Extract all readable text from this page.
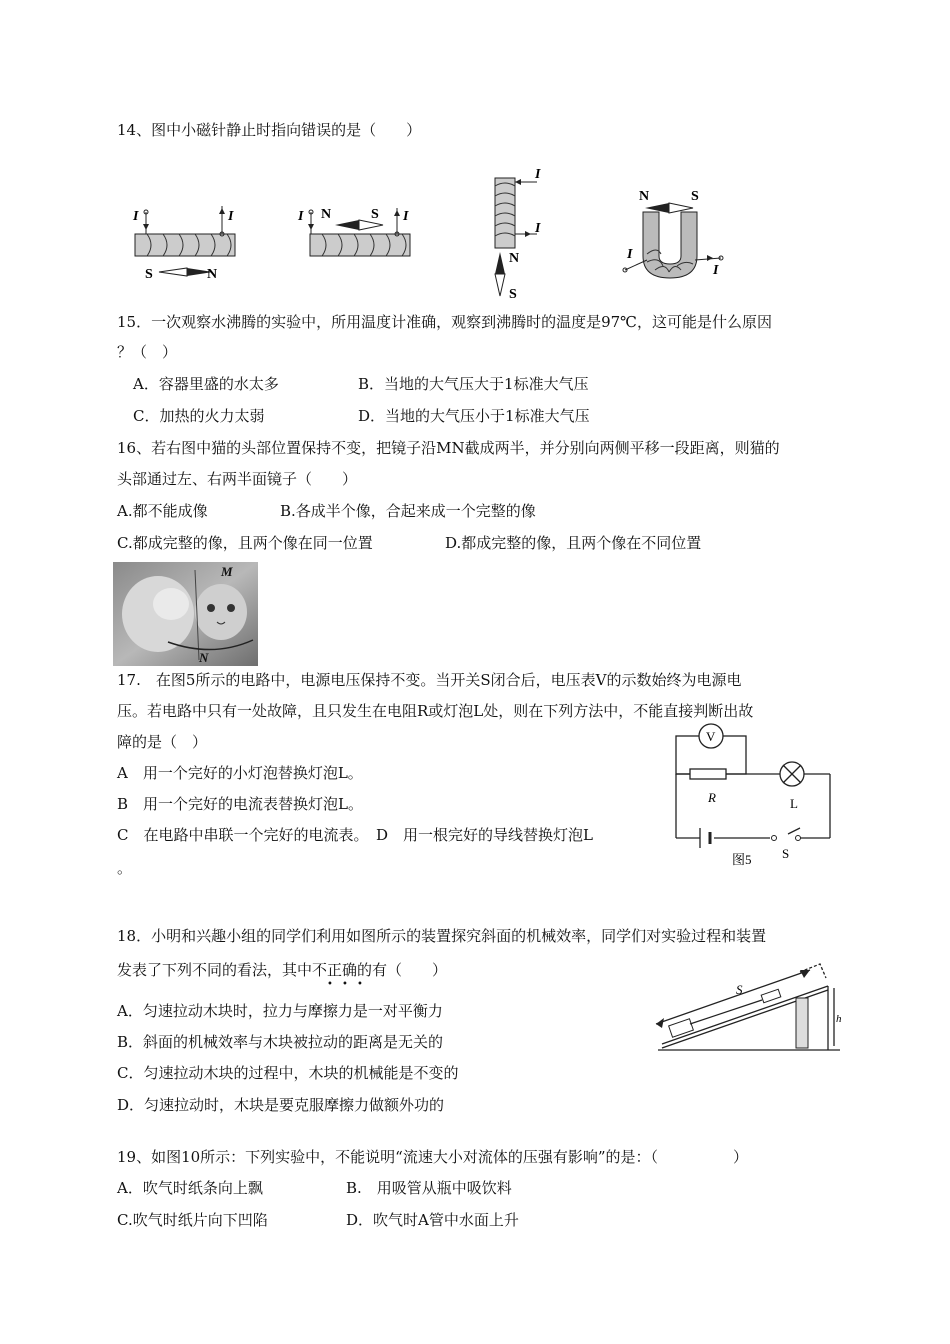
14、图中小磁针静止时指向错误的是（　　）
I	I
S	N
I	I
N	S
I
I
N
S
N	S
I
I
15．一次观察水沸腾的实验中，所用温度计准确，观察到沸腾时的温度是97℃，这可能是什么原因
？（　）
A．容器里盛的水太多	B．当地的大气压大于1标准大气压
C．加热的火力太弱	D．当地的大气压小于1标准大气压
16、若右图中猫的头部位置保持不变，把镜子沿MN截成两半，并分别向两侧平移一段距离，则猫的
头部通过左、右两半面镜子（　　）
A.都不能成像	B.各成半个像，合起来成一个完整的像
C.都成完整的像，且两个像在同一位置	D.都成完整的像，且两个像在不同位置
M
N
17.　在图5所示的电路中，电源电压保持不变。当开关S闭合后，电压表V的示数始终为电源电
压。若电路中只有一处故障，且只发生在电阻R或灯泡L处，则在下列方法中，不能直接判断出故
障的是（　）
A　用一个完好的小灯泡替换灯泡L。
B　用一个完好的电流表替换灯泡L。
C　在电路中串联一个完好的电流表。　D　用一根完好的导线替换灯泡L
。
V
R	L
S
图5
18．小明和兴趣小组的同学们利用如图所示的装置探究斜面的机械效率，同学们对实验过程和装置
发表了下列不同的看法，其中不正确的有（　　）
• • •
A．匀速拉动木块时，拉力与摩擦力是一对平衡力
B．斜面的机械效率与木块被拉动的距离是无关的
C．匀速拉动木块的过程中，木块的机械能是不变的
D．匀速拉动时，木块是要克服摩擦力做额外功的
S
h
19、如图10所示：下列实验中，不能说明“流速大小对流体的压强有影响”的是：（　　　　　）
A．吹气时纸条向上飘	B.　用吸管从瓶中吸饮料
C.吹气时纸片向下凹陷	D．吹气时A管中水面上升
